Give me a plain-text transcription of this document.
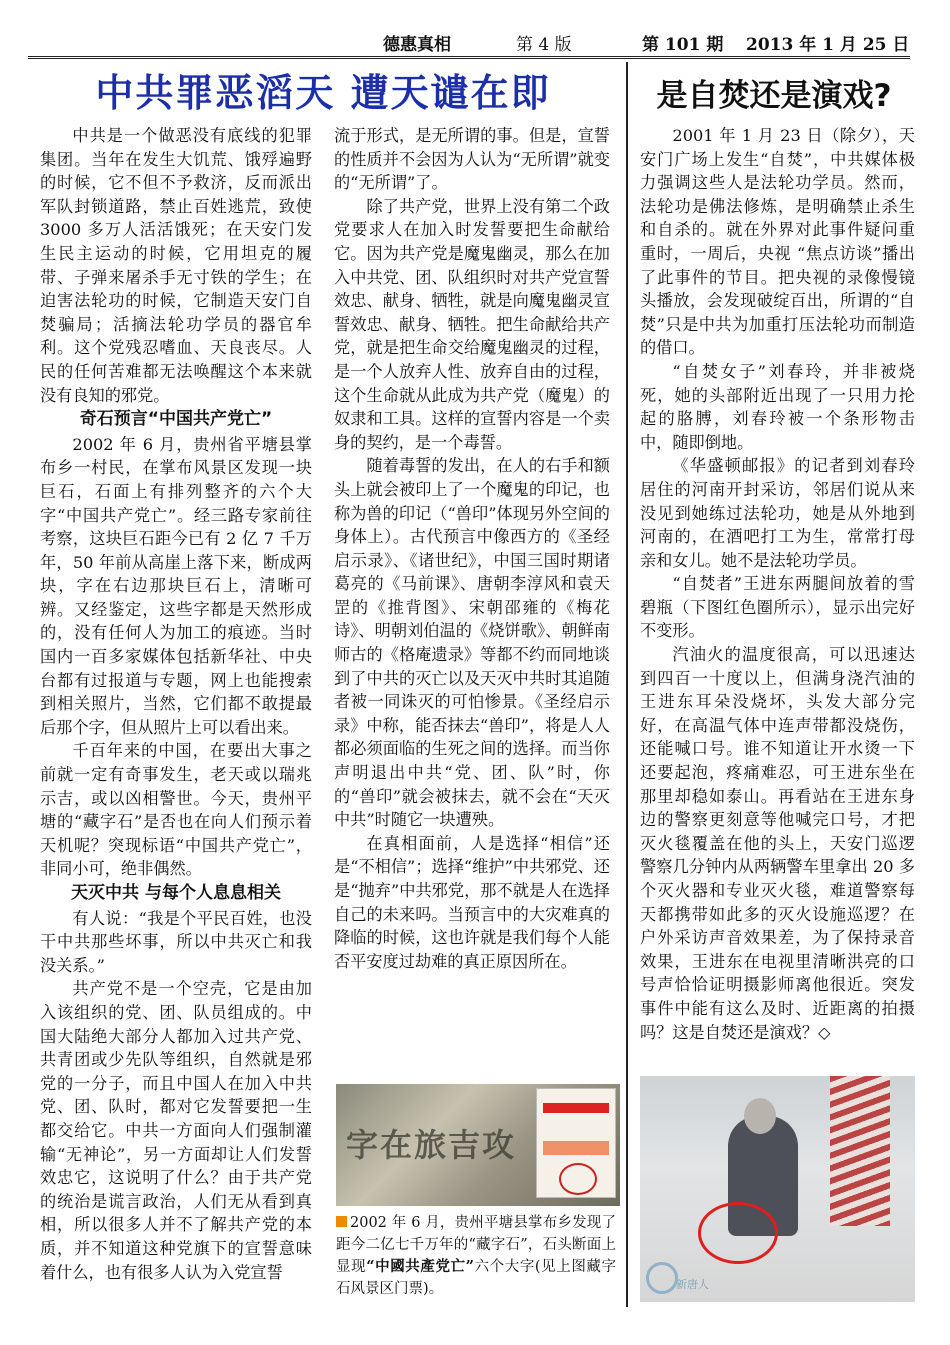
德惠真相	第 4 版	第 101 期 2013 年 1 月 25 日
中共罪恶滔天 遭天谴在即	是自焚还是演戏?

中共是一个做恶没有底线的犯罪集团。当年在发生大饥荒、饿殍遍野的时候，它不但不予救济，反而派出军队封锁道路，禁止百姓逃荒，致使 3000 多万人活活饿死；在天安门发生民主运动的时候，它用坦克的履带、子弹来屠杀手无寸铁的学生；在迫害法轮功的时候，它制造天安门自焚骗局；活摘法轮功学员的器官牟利。这个党残忍嗜血、天良丧尽。人民的任何苦难都无法唤醒这个本来就没有良知的邪党。

奇石预言“中国共产党亡”

2002 年 6 月，贵州省平塘县掌布乡一村民，在掌布风景区发现一块巨石，石面上有排列整齐的六个大字“中国共产党亡”。经三路专家前往考察，这块巨石距今已有 2 亿 7 千万年，50 年前从高崖上落下来，断成两块，字在右边那块巨石上，清晰可辨。又经鉴定，这些字都是天然形成的，没有任何人为加工的痕迹。当时国内一百多家媒体包括新华社、中央台都有过报道与专题，网上也能搜索到相关照片，当然，它们都不敢提最后那个字，但从照片上可以看出来。

千百年来的中国，在要出大事之前就一定有奇事发生，老天或以瑞兆示吉，或以凶相警世。今天，贵州平塘的“藏字石”是否也在向人们预示着天机呢？突现标语“中国共产党亡”，非同小可，绝非偶然。

天灭中共 与每个人息息相关

有人说：“我是个平民百姓，也没干中共那些坏事，所以中共灭亡和我没关系。”

共产党不是一个空壳，它是由加入该组织的党、团、队员组成的。中国大陆绝大部分人都加入过共产党、共青团或少先队等组织，自然就是邪党的一分子，而且中国人在加入中共党、团、队时，都对它发誓要把一生都交给它。中共一方面向人们强制灌输“无神论”，另一方面却让人们发誓效忠它，这说明了什么？由于共产党的统治是谎言政治，人们无从看到真相，所以很多人并不了解共产党的本质，并不知道这种党旗下的宣誓意味着什么，也有很多人认为入党宣誓

流于形式，是无所谓的事。但是，宣誓的性质并不会因为人认为“无所谓”就变的“无所谓”了。

除了共产党，世界上没有第二个政党要求人在加入时发誓要把生命献给它。因为共产党是魔鬼幽灵，那么在加入中共党、团、队组织时对共产党宣誓效忠、献身、牺牲，就是向魔鬼幽灵宣誓效忠、献身、牺牲。把生命献给共产党，就是把生命交给魔鬼幽灵的过程，是一个人放弃人性、放弃自由的过程，这个生命就从此成为共产党（魔鬼）的奴隶和工具。这样的宣誓内容是一个卖身的契约，是一个毒誓。

随着毒誓的发出，在人的右手和额头上就会被印上了一个魔鬼的印记，也称为兽的印记（“兽印”体现另外空间的身体上）。古代预言中像西方的《圣经启示录》、《诸世纪》，中国三国时期诸葛亮的《马前课》、唐朝李淳风和袁天罡的《推背图》、宋朝邵雍的《梅花诗》、明朝刘伯温的《烧饼歌》、朝鲜南师古的《格庵遗录》等都不约而同地谈到了中共的灭亡以及天灭中共时其追随者被一同诛灭的可怕惨景。《圣经启示录》中称，能否抹去“兽印”，将是人人都必须面临的生死之间的选择。而当你声明退出中共“党、团、队”时，你的“兽印”就会被抹去，就不会在“天灭中共”时随它一块遭殃。

在真相面前，人是选择“相信”还是“不相信”；选择“维护”中共邪党、还是“抛弃”中共邪党，那不就是人在选择自己的未来吗。当预言中的大灾难真的降临的时候，这也许就是我们每个人能否平安度过劫难的真正原因所在。

字在旅吉攻
2002 年 6 月，贵州平塘县掌布乡发现了距今二亿七千万年的“藏字石”，石头断面上显现“中國共產党亡”六个大字(见上图藏字石风景区门票)。

2001 年 1 月 23 日（除夕），天安门广场上发生“自焚”，中共媒体极力强调这些人是法轮功学员。然而，法轮功是佛法修炼，是明确禁止杀生和自杀的。就在外界对此事件疑问重重时，一周后，央视 “焦点访谈”播出了此事件的节目。把央视的录像慢镜头播放，会发现破绽百出，所谓的“自焚”只是中共为加重打压法轮功而制造的借口。

“自焚女子”刘春玲，并非被烧死，她的头部附近出现了一只用力抡起的胳膊，刘春玲被一个条形物击中，随即倒地。

《华盛顿邮报》的记者到刘春玲居住的河南开封采访，邻居们说从来没见到她练过法轮功，她是从外地到河南的，在酒吧打工为生，常常打母亲和女儿。她不是法轮功学员。

“自焚者”王进东两腿间放着的雪碧瓶（下图红色圈所示），显示出完好不变形。

汽油火的温度很高，可以迅速达到四百一十度以上，但满身浇汽油的王进东耳朵没烧坏，头发大部分完好，在高温气体中连声带都没烧伤，还能喊口号。谁不知道让开水烫一下还要起泡，疼痛难忍，可王进东坐在那里却稳如泰山。再看站在王进东身边的警察更刻意等他喊完口号，才把灭火毯覆盖在他的头上，天安门巡逻警察几分钟内从两辆警车里拿出 20 多个灭火器和专业灭火毯，难道警察每天都携带如此多的灭火设施巡逻？在户外采访声音效果差，为了保持录音效果，王进东在电视里清晰洪亮的口号声恰恰证明摄影师离他很近。突发事件中能有这么及时、近距离的拍摄吗？这是自焚还是演戏？◇

新唐人
